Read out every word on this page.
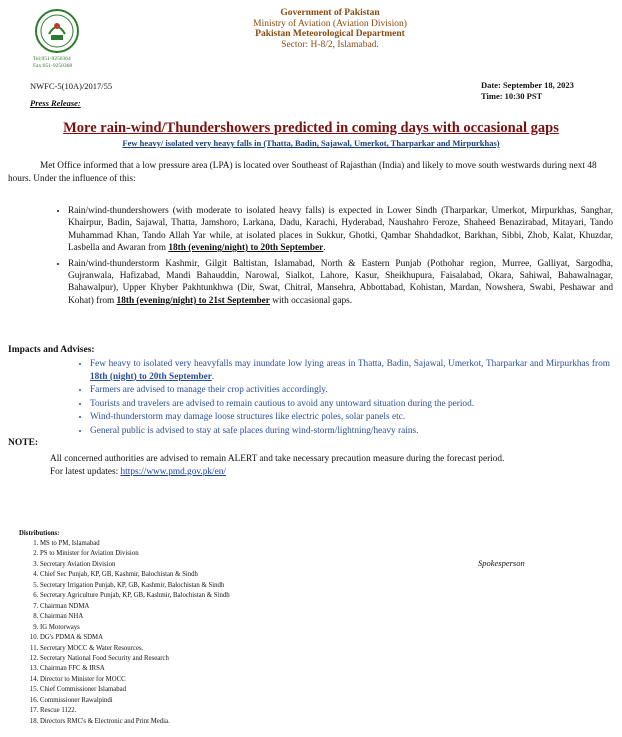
Tel:051-9250364
Fax:051-9250368
Government of Pakistan
Ministry of Aviation (Aviation Division)
Pakistan Meteorological Department
Sector: H-8/2, Islamabad.
NWFC-5(10A)/2017/55
Press Release:
Date: September 18, 2023
Time: 10:30 PST
More rain-wind/Thundershowers predicted in coming days with occasional gaps
Few heavy/ isolated very heavy falls in (Thatta, Badin, Sajawal, Umerkot, Tharparkar and Mirpurkhas)
Met Office informed that a low pressure area (LPA) is located over Southeast of Rajasthan (India) and likely to move south westwards during next 48 hours. Under the influence of this:
• Rain/wind-thundershowers (with moderate to isolated heavy falls) is expected in Lower Sindh (Tharparkar, Umerkot, Mirpurkhas, Sanghar, Khairpur, Badin, Sajawal, Thatta, Jamshoro, Larkana, Dadu, Karachi, Hyderabad, Naushahro Feroze, Shaheed Benazirabad, Mitayari, Tando Muhammad Khan, Tando Allah Yar while, at isolated places in Sukkur, Ghotki, Qambar Shahdadkot, Barkhan, Sibbi, Zhob, Kalat, Khuzdar, Lasbella and Awaran from 18th (evening/night) to 20th September.
• Rain/wind-thunderstorm Kashmir, Gilgit Baltistan, Islamabad, North & Eastern Punjab (Pothohar region, Murree, Galliyat, Sargodha, Gujranwala, Hafizabad, Mandi Bahauddin, Narowal, Sialkot, Lahore, Kasur, Sheikhupura, Faisalabad, Okara, Sahiwal, Bahawalnagar, Bahawalpur), Upper Khyber Pakhtunkhwa (Dir, Swat, Chitral, Mansehra, Abbottabad, Kohistan, Mardan, Nowshera, Swabi, Peshawar and Kohat) from 18th (evening/night) to 21st September with occasional gaps.
Impacts and Advises:
• Few heavy to isolated very heavyfalls may inundate low lying areas in Thatta, Badin, Sajawal, Umerkot, Tharparkar and Mirpurkhas from 18th (night) to 20th September.
• Farmers are advised to manage their crop activities accordingly.
• Tourists and travelers are advised to remain cautious to avoid any untoward situation during the period.
• Wind-thunderstorm may damage loose structures like electric poles, solar panels etc.
• General public is advised to stay at safe places during wind-storm/lightning/heavy rains.
NOTE:
All concerned authorities are advised to remain ALERT and take necessary precaution measure during the forecast period.
For latest updates: https://www.pmd.gov.pk/en/
Distributions:
1. MS to PM, Islamabad
2. PS to Minister for Aviation Division
3. Secretary Aviation Division
4. Chief Sec Punjab, KP, GB, Kashmir, Balochistan & Sindh
5. Secretary Irrigation Punjab, KP, GB, Kashmir, Balochistan & Sindh
6. Secretary Agriculture Punjab, KP, GB, Kashmir, Balochistan & Sindh
7. Chairman NDMA
8. Chairman NHA
9. IG Motorways
10. DG's PDMA & SDMA
11. Secretary MOCC & Water Resources.
12. Secretary National Food Security and Research
13. Chairman FFC & IRSA
14. Director to Minister for MOCC
15. Chief Commissioner Islamabad
16. Commissioner Rawalpindi
17. Rescue 1122.
18. Directors RMC's & Electronic and Print Media.
Spokesperson
